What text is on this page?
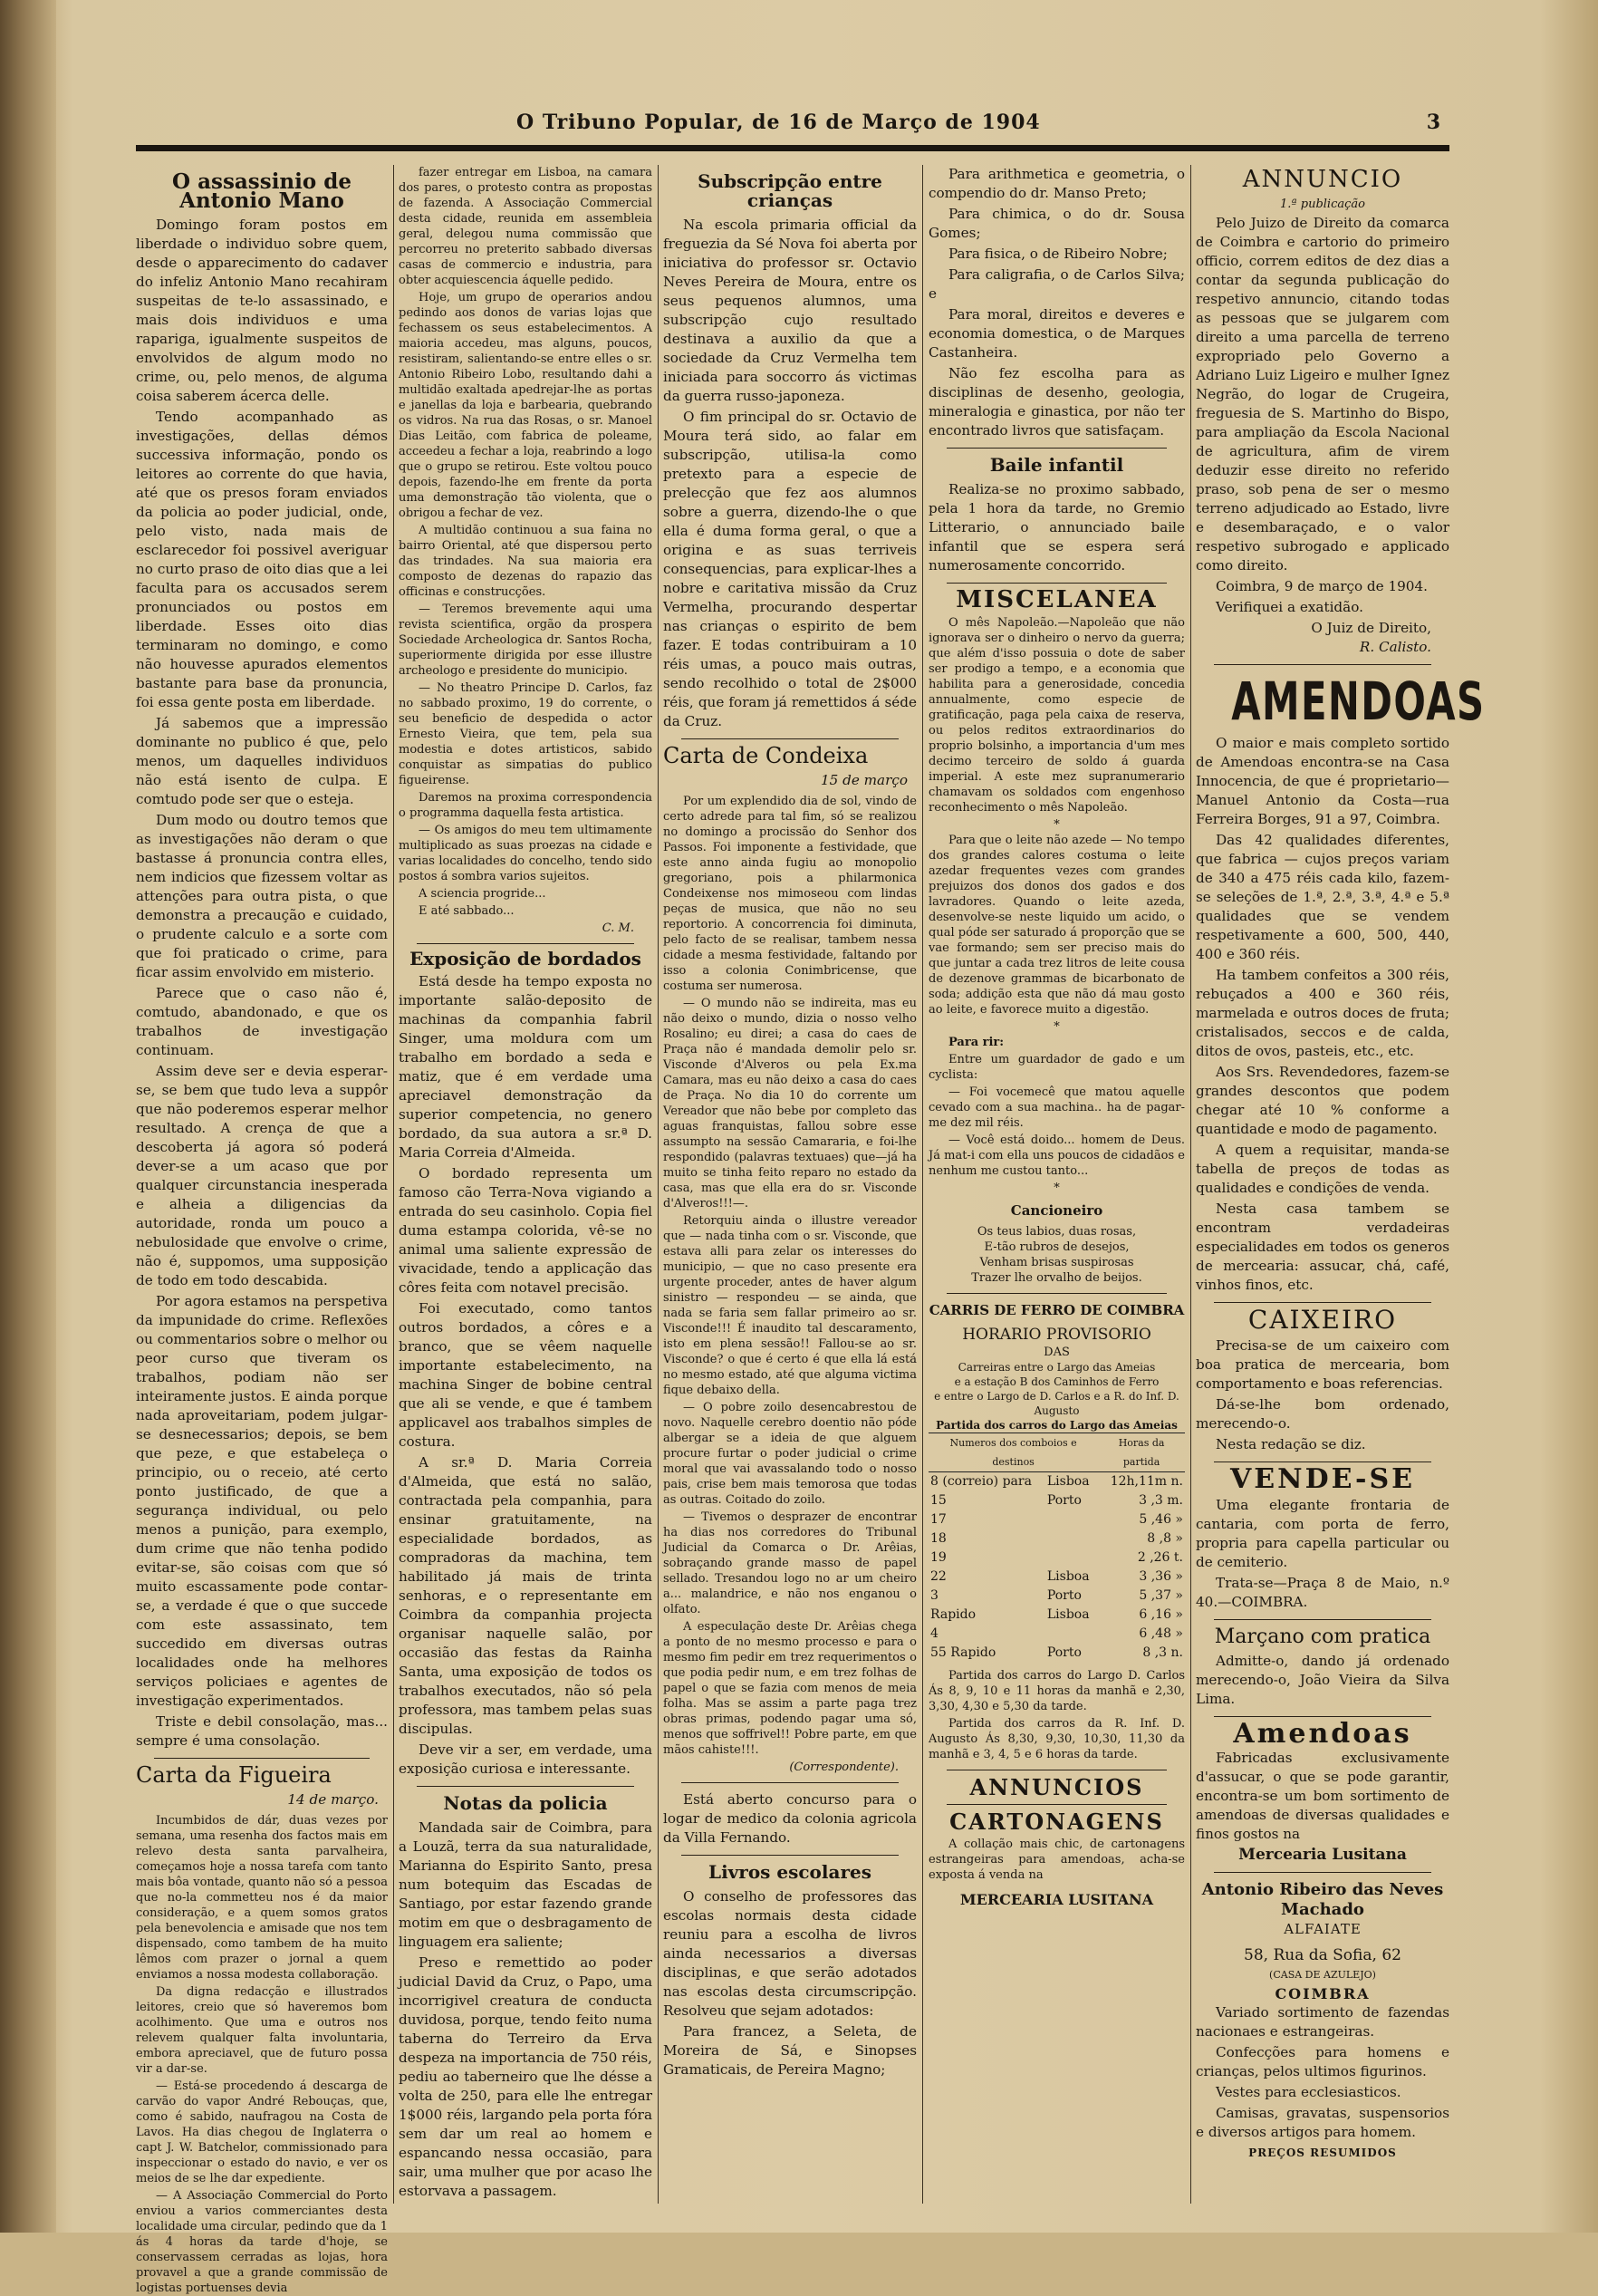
O Tribuno Popular, de 16 de Março de 1904	3
O assassinio de Antonio Mano

Domingo foram postos em liberdade o individuo sobre quem, desde o apparecimento do cadaver do infeliz Antonio Mano recahiram suspeitas de te-lo assassinado, e mais dois individuos e uma rapariga, igualmente suspeitos de envolvidos de algum modo no crime, ou, pelo menos, de alguma coisa saberem ácerca delle.

Tendo acompanhado as investigações, dellas démos successiva informação, pondo os leitores ao corrente do que havia, até que os presos foram enviados da policia ao poder judicial, onde, pelo visto, nada mais de esclarecedor foi possivel averiguar no curto praso de oito dias que a lei faculta para os accusados serem pronunciados ou postos em liberdade. Esses oito dias terminaram no domingo, e como não houvesse apurados elementos bastante para base da pronuncia, foi essa gente posta em liberdade.

Já sabemos que a impressão dominante no publico é que, pelo menos, um daquelles individuos não está isento de culpa. E comtudo pode ser que o esteja.

Dum modo ou doutro temos que as investigações não deram o que bastasse á pronuncia contra elles, nem indicios que fizessem voltar as attenções para outra pista, o que demonstra a precaução e cuidado, o prudente calculo e a sorte com que foi praticado o crime, para ficar assim envolvido em misterio.

Parece que o caso não é, comtudo, abandonado, e que os trabalhos de investigação continuam.

Assim deve ser e devia esperar-se, se bem que tudo leva a suppôr que não poderemos esperar melhor resultado. A crença de que a descoberta já agora só poderá dever-se a um acaso que por qualquer circunstancia inesperada e alheia a diligencias da autoridade, ronda um pouco a nebulosidade que envolve o crime, não é, suppomos, uma supposição de todo em todo descabida.

Por agora estamos na perspetiva da impunidade do crime. Reflexões ou commentarios sobre o melhor ou peor curso que tiveram os trabalhos, podiam não ser inteiramente justos. E ainda porque nada aproveitariam, podem julgar-se desnecessarios; depois, se bem que peze, e que estabeleça o principio, ou o receio, até certo ponto justificado, de que a segurança individual, ou pelo menos a punição, para exemplo, dum crime que não tenha podido evitar-se, são coisas com que só muito escassamente pode contar-se, a verdade é que o que succede com este assassinato, tem succedido em diversas outras localidades onde ha melhores serviços policiaes e agentes de investigação experimentados.

Triste e debil consolação, mas... sempre é uma consolação.

Carta da Figueira
14 de março.

Incumbidos de dár, duas vezes por semana, uma resenha dos factos mais em relevo desta santa parvalheira, começamos hoje a nossa tarefa com tanto mais bôa vontade, quanto não só a pessoa que no-la commetteu nos é da maior consideração, e a quem somos gratos pela benevolencia e amisade que nos tem dispensado, como tambem de ha muito lêmos com prazer o jornal a quem enviamos a nossa modesta collaboração.

Da digna redacção e illustrados leitores, creio que só haveremos bom acolhimento. Que uma e outros nos relevem qualquer falta involuntaria, embora apreciavel, que de futuro possa vir a dar-se.

— Está-se procedendo á descarga de carvão do vapor André Rebouças, que, como é sabido, naufragou na Costa de Lavos. Ha dias chegou de Inglaterra o capt J. W. Batchelor, commissionado para inspeccionar o estado do navio, e ver os meios de se lhe dar expediente.

— A Associação Commercial do Porto enviou a varios commerciantes desta localidade uma circular, pedindo que da 1 ás 4 horas da tarde d'hoje, se conservassem cerradas as lojas, hora provavel a que a grande commissão de logistas portuenses devia

fazer entregar em Lisboa, na camara dos pares, o protesto contra as propostas de fazenda. A Associação Commercial desta cidade, reunida em assembleia geral, delegou numa commissão que percorreu no preterito sabbado diversas casas de commercio e industria, para obter acquiescencia áquelle pedido.

Hoje, um grupo de operarios andou pedindo aos donos de varias lojas que fechassem os seus estabelecimentos. A maioria accedeu, mas alguns, poucos, resistiram, salientando-se entre elles o sr. Antonio Ribeiro Lobo, resultando dahi a multidão exaltada apedrejar-lhe as portas e janellas da loja e barbearia, quebrando os vidros. Na rua das Rosas, o sr. Manoel Dias Leitão, com fabrica de poleame, acceedeu a fechar a loja, reabrindo a logo que o grupo se retirou. Este voltou pouco depois, fazendo-lhe em frente da porta uma demonstração tão violenta, que o obrigou a fechar de vez.

A multidão continuou a sua faina no bairro Oriental, até que dispersou perto das trindades. Na sua maioria era composto de dezenas do rapazio das officinas e construcções.

— Teremos brevemente aqui uma revista scientifica, orgão da prospera Sociedade Archeologica dr. Santos Rocha, superiormente dirigida por esse illustre archeologo e presidente do municipio.

— No theatro Principe D. Carlos, faz no sabbado proximo, 19 do corrente, o seu beneficio de despedida o actor Ernesto Vieira, que tem, pela sua modestia e dotes artisticos, sabido conquistar as simpatias do publico figueirense.

Daremos na proxima correspondencia o programma daquella festa artistica.

— Os amigos do meu tem ultimamente multiplicado as suas proezas na cidade e varias localidades do concelho, tendo sido postos á sombra varios sujeitos.

A sciencia progride...

E até sabbado...

C. M.
Exposição de bordados

Está desde ha tempo exposta no importante salão-deposito de machinas da companhia fabril Singer, uma moldura com um trabalho em bordado a seda e matiz, que é em verdade uma apreciavel demonstração da superior competencia, no genero bordado, da sua autora a sr.ª D. Maria Correia d'Almeida.

O bordado representa um famoso cão Terra-Nova vigiando a entrada do seu casinholo. Copia fiel duma estampa colorida, vê-se no animal uma saliente expressão de vivacidade, tendo a applicação das côres feita com notavel precisão.

Foi executado, como tantos outros bordados, a côres e a branco, que se vêem naquelle importante estabelecimento, na machina Singer de bobine central que ali se vende, e que é tambem applicavel aos trabalhos simples de costura.

A sr.ª D. Maria Correia d'Almeida, que está no salão, contractada pela companhia, para ensinar gratuitamente, na especialidade bordados, as compradoras da machina, tem habilitado já mais de trinta senhoras, e o representante em Coimbra da companhia projecta organisar naquelle salão, por occasião das festas da Rainha Santa, uma exposição de todos os trabalhos executados, não só pela professora, mas tambem pelas suas discipulas.

Deve vir a ser, em verdade, uma exposição curiosa e interessante.

Notas da policia

Mandada sair de Coimbra, para a Louzã, terra da sua naturalidade, Marianna do Espirito Santo, presa num botequim das Escadas de Santiago, por estar fazendo grande motim em que o desbragamento de linguagem era saliente;

Preso e remettido ao poder judicial David da Cruz, o Papo, uma incorrigivel creatura de conducta duvidosa, porque, tendo feito numa taberna do Terreiro da Erva despeza na importancia de 750 réis, pediu ao taberneiro que lhe désse a volta de 250, para elle lhe entregar 1$000 réis, largando pela porta fóra sem dar um real ao homem e espancando nessa occasião, para sair, uma mulher que por acaso lhe estorvava a passagem.

Subscripção entre crianças

Na escola primaria official da freguezia da Sé Nova foi aberta por iniciativa do professor sr. Octavio Neves Pereira de Moura, entre os seus pequenos alumnos, uma subscripção cujo resultado destinava a auxilio da que a sociedade da Cruz Vermelha tem iniciada para soccorro ás victimas da guerra russo-japoneza.

O fim principal do sr. Octavio de Moura terá sido, ao falar em subscripção, utilisa-la como pretexto para a especie de prelecção que fez aos alumnos sobre a guerra, dizendo-lhe o que ella é duma forma geral, o que a origina e as suas terriveis consequencias, para explicar-lhes a nobre e caritativa missão da Cruz Vermelha, procurando despertar nas crianças o espirito de bem fazer. E todas contribuiram a 10 réis umas, a pouco mais outras, sendo recolhido o total de 2$000 réis, que foram já remettidos á séde da Cruz.

Carta de Condeixa
15 de março

Por um explendido dia de sol, vindo de certo adrede para tal fim, só se realizou no domingo a procissão do Senhor dos Passos. Foi imponente a festividade, que este anno ainda fugiu ao monopolio gregoriano, pois a philarmonica Condeixense nos mimoseou com lindas peças de musica, que não no seu reportorio. A concorrencia foi diminuta, pelo facto de se realisar, tambem nessa cidade a mesma festividade, faltando por isso a colonia Conimbricense, que costuma ser numerosa.

— O mundo não se indireita, mas eu não deixo o mundo, dizia o nosso velho Rosalino; eu direi; a casa do caes de Praça não é mandada demolir pelo sr. Visconde d'Alveros ou pela Ex.ma Camara, mas eu não deixo a casa do caes de Praça. No dia 10 do corrente um Vereador que não bebe por completo das aguas franquistas, fallou sobre esse assumpto na sessão Camararia, e foi-lhe respondido (palavras textuaes) que—já ha muito se tinha feito reparo no estado da casa, mas que ella era do sr. Visconde d'Alveros!!!—.

Retorquiu ainda o illustre vereador que — nada tinha com o sr. Visconde, que estava alli para zelar os interesses do municipio, — que no caso presente era urgente proceder, antes de haver algum sinistro — respondeu — se ainda, que nada se faria sem fallar primeiro ao sr. Visconde!!! É inaudito tal descaramento, isto em plena sessão!! Fallou-se ao sr. Visconde? o que é certo é que ella lá está no mesmo estado, até que alguma victima fique debaixo della.

— O pobre zoilo desencabrestou de novo. Naquelle cerebro doentio não póde albergar se a ideia de que alguem procure furtar o poder judicial o crime moral que vai avassalando todo o nosso pais, crise bem mais temorosa que todas as outras. Coitado do zoilo.

— Tivemos o desprazer de encontrar ha dias nos corredores do Tribunal Judicial da Comarca o Dr. Arêias, sobraçando grande masso de papel sellado. Tresandou logo no ar um cheiro a... malandrice, e não nos enganou o olfato.

A especulação deste Dr. Arêias chega a ponto de no mesmo processo e para o mesmo fim pedir em trez requerimentos o que podia pedir num, e em trez folhas de papel o que se fazia com menos de meia folha. Mas se assim a parte paga trez obras primas, podendo pagar uma só, menos que soffrivel!! Pobre parte, em que mãos cahiste!!!.

(Correspondente).

Está aberto concurso para o logar de medico da colonia agricola da Villa Fernando.

Livros escolares

O conselho de professores das escolas normais desta cidade reuniu para a escolha de livros ainda necessarios a diversas disciplinas, e que serão adotados nas escolas desta circumscripção. Resolveu que sejam adotados:

Para francez, a Seleta, de Moreira de Sá, e Sinopses Gramaticais, de Pereira Magno;

Para arithmetica e geometria, o compendio do dr. Manso Preto;

Para chimica, o do dr. Sousa Gomes;

Para fisica, o de Ribeiro Nobre;

Para caligrafia, o de Carlos Silva; e

Para moral, direitos e deveres e economia domestica, o de Marques Castanheira.

Não fez escolha para as disciplinas de desenho, geologia, mineralogia e ginastica, por não ter encontrado livros que satisfaçam.

Baile infantil

Realiza-se no proximo sabbado, pela 1 hora da tarde, no Gremio Litterario, o annunciado baile infantil que se espera será numerosamente concorrido.

MISCELANEA

O mês Napoleão.—Napoleão que não ignorava ser o dinheiro o nervo da guerra; que além d'isso possuia o dote de saber ser prodigo a tempo, e a economia que habilita para a generosidade, concedia annualmente, como especie de gratificação, paga pela caixa de reserva, ou pelos reditos extraordinarios do proprio bolsinho, a importancia d'um mes decimo terceiro de soldo á guarda imperial. A este mez supranumerario chamavam os soldados com engenhoso reconhecimento o mês Napoleão.

*

Para que o leite não azede — No tempo dos grandes calores costuma o leite azedar frequentes vezes com grandes prejuizos dos donos dos gados e dos lavradores. Quando o leite azeda, desenvolve-se neste liquido um acido, o qual póde ser saturado á proporção que se vae formando; sem ser preciso mais do que juntar a cada trez litros de leite cousa de dezenove grammas de bicarbonato de soda; addição esta que não dá mau gosto ao leite, e favorece muito a digestão.

*

Para rir:

Entre um guardador de gado e um cyclista:

— Foi vocemecê que matou aquelle cevado com a sua machina.. ha de pagar-me dez mil réis.

— Você está doido... homem de Deus. Já mat-i com ella uns poucos de cidadãos e nenhum me custou tanto...

*
Cancioneiro
Os teus labios, duas rosas,
E-tão rubros de desejos,
Venham brisas suspirosas
Trazer lhe orvalho de beijos.
CARRIS DE FERRO DE COIMBRA
HORARIO PROVISORIO
DAS
Carreiras entre o Largo das Ameias
e a estação B dos Caminhos de Ferro
e entre o Largo de D. Carlos e a R. do Inf. D. Augusto
Partida dos carros do Largo das Ameias
Numeros dos comboios e destinos		Horas da partida
8 (correio) para	Lisboa	12h,11m n.
15	Porto	3 ,3 m.
17		5 ,46 »
18		8 ,8 »
19		2 ,26 t.
22	Lisboa	3 ,36 »
3	Porto	5 ,37 »
Rapido	Lisboa	6 ,16 »
4		6 ,48 »
55 Rapido	Porto	8 ,3 n.

Partida dos carros do Largo D. Carlos Ás 8, 9, 10 e 11 horas da manhã e 2,30, 3,30, 4,30 e 5,30 da tarde.

Partida dos carros da R. Inf. D. Augusto Ás 8,30, 9,30, 10,30, 11,30 da manhã e 3, 4, 5 e 6 horas da tarde.

ANNUNCIOS
CARTONAGENS

A collação mais chic, de cartonagens estrangeiras para amendoas, acha-se exposta á venda na

MERCEARIA LUSITANA
ANNUNCIO
1.ª publicação

Pelo Juizo de Direito da comarca de Coimbra e cartorio do primeiro officio, correm editos de dez dias a contar da segunda publicação do respetivo annuncio, citando todas as pessoas que se julgarem com direito a uma parcella de terreno expropriado pelo Governo a Adriano Luiz Ligeiro e mulher Ignez Negrão, do logar de Crugeira, freguesia de S. Martinho do Bispo, para ampliação da Escola Nacional de agricultura, afim de virem deduzir esse direito no referido praso, sob pena de ser o mesmo terreno adjudicado ao Estado, livre e desembaraçado, e o valor respetivo subrogado e applicado como direito.

Coimbra, 9 de março de 1904.

Verifiquei a exatidão.

O Juiz de Direito,
R. Calisto.
AMENDOAS

O maior e mais completo sortido de Amendoas encontra-se na Casa Innocencia, de que é proprietario—Manuel Antonio da Costa—rua Ferreira Borges, 91 a 97, Coimbra.

Das 42 qualidades diferentes, que fabrica — cujos preços variam de 340 a 475 réis cada kilo, fazem-se seleções de 1.ª, 2.ª, 3.ª, 4.ª e 5.ª qualidades que se vendem respetivamente a 600, 500, 440, 400 e 360 réis.

Ha tambem confeitos a 300 réis, rebuçados a 400 e 360 réis, marmelada e outros doces de fruta; cristalisados, seccos e de calda, ditos de ovos, pasteis, etc., etc.

Aos Srs. Revendedores, fazem-se grandes descontos que podem chegar até 10 % conforme a quantidade e modo de pagamento.

A quem a requisitar, manda-se tabella de preços de todas as qualidades e condições de venda.

Nesta casa tambem se encontram verdadeiras especialidades em todos os generos de mercearia: assucar, chá, café, vinhos finos, etc.

CAIXEIRO

Precisa-se de um caixeiro com boa pratica de mercearia, bom comportamento e boas referencias.

Dá-se-lhe bom ordenado, merecendo-o.

Nesta redação se diz.

VENDE-SE

Uma elegante frontaria de cantaria, com porta de ferro, propria para capella particular ou de cemiterio.

Trata-se—Praça 8 de Maio, n.º 40.—COIMBRA.

Marçano com pratica

Admitte-o, dando já ordenado merecendo-o, João Vieira da Silva Lima.

Amendoas

Fabricadas exclusivamente d'assucar, o que se pode garantir, encontra-se um bom sortimento de amendoas de diversas qualidades e finos gostos na

Mercearia Lusitana
Antonio Ribeiro das Neves Machado
ALFAIATE
58, Rua da Sofia, 62
(CASA DE AZULEJO)
COIMBRA

Variado sortimento de fazendas nacionaes e estrangeiras.

Confecções para homens e crianças, pelos ultimos figurinos.

Vestes para ecclesiasticos.

Camisas, gravatas, suspensorios e diversos artigos para homem.

PREÇOS RESUMIDOS
